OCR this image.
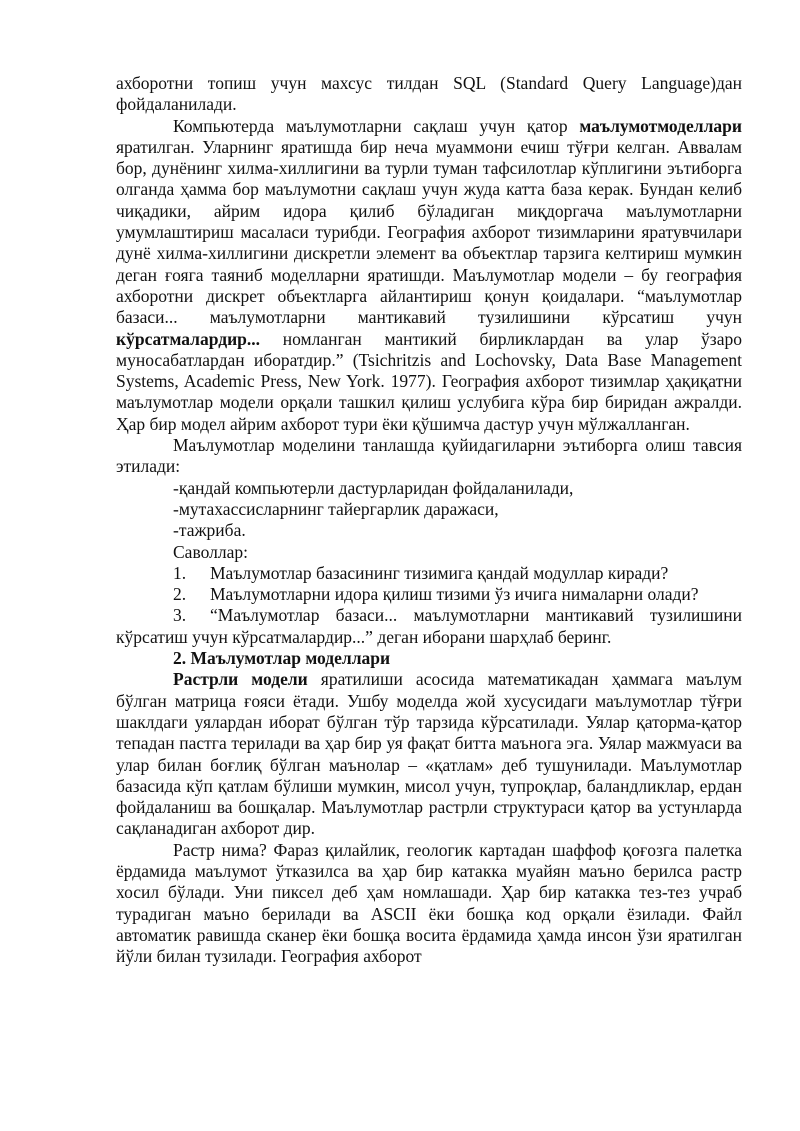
ахборотни топиш учун махсус тилдан SQL (Standard Query Language)дан фойдаланилади.

Компьютерда маълумотларни сақлаш учун қатор маълумотмоделлари яратилган. Уларнинг яратишда бир неча муаммони ечиш тўғри келган. Аввалам бор, дунёнинг хилма-хиллигини ва турли туман тафсилотлар кўплигини эътиборга олганда ҳамма бор маълумотни сақлаш учун жуда катта база керак. Бундан келиб чиқадики, айрим идора қилиб бўладиган миқдоргача маълумотларни умумлаштириш масаласи турибди. География ахборот тизимларини яратувчилари дунё хилма-хиллигини дискретли элемент ва объектлар тарзига келтириш мумкин деган ғояга таяниб моделларни яратишди. Маълумотлар модели – бу география ахборотни дискрет объектларга айлантириш қонун қоидалари. “маълумотлар базаси... маълумотларни мантикавий тузилишини кўрсатиш учун кўрсатмалардир... номланган мантикий бирликлардан ва улар ўзаро муносабатлардан иборатдир.” (Tsichritzis and Lochovsky, Data Base Management Systems, Academic Press, New York. 1977). География ахборот тизимлар ҳақиқатни маълумотлар модели орқали ташкил қилиш услубига кўра бир биридан ажралди. Ҳар бир модел айрим ахборот тури ёки қўшимча дастур учун мўлжалланган.

Маълумотлар моделини танлашда қуйидагиларни эътиборга олиш тавсия этилади:

-қандай компьютерли дастурларидан фойдаланилади,

-мутахассисларнинг тайергарлик даражаси,

-тажриба.

Саволлар:

1. Маълумотлар базасининг тизимига қандай модуллар киради?

2. Маълумотларни идора қилиш тизими ўз ичига нималарни олади?

3. “Маълумотлар базаси... маълумотларни мантикавий тузилишини кўрсатиш учун кўрсатмалардир...” деган иборани шарҳлаб беринг.

2. Маълумотлар моделлари

Растрли модели яратилиши асосида математикадан ҳаммага маълум бўлган матрица ғояси ётади. Ушбу моделда жой хусусидаги маълумотлар тўғри шаклдаги уялардан иборат бўлган тўр тарзида кўрсатилади. Уялар қаторма-қатор тепадан пастга терилади ва ҳар бир уя фақат битта маънога эга. Уялар мажмуаси ва улар билан боғлиқ бўлган маънолар – «қатлам» деб тушунилади. Маълумотлар базасида кўп қатлам бўлиши мумкин, мисол учун, тупроқлар, баландликлар, ердан фойдаланиш ва бошқалар. Маълумотлар растрли структураси қатор ва устунларда сақланадиган ахборот дир.

Растр нима? Фараз қилайлик, геологик картадан шаффоф қоғозга палетка ёрдамида маълумот ўтказилса ва ҳар бир катакка муайян маъно берилса растр хосил бўлади. Уни пиксел деб ҳам номлашади. Ҳар бир катакка тез-тез учраб турадиган маъно берилади ва ASCII ёки бошқа код орқали ёзилади. Файл автоматик равишда сканер ёки бошқа восита ёрдамида ҳамда инсон ўзи яратилган йўли билан тузилади. География ахборот
